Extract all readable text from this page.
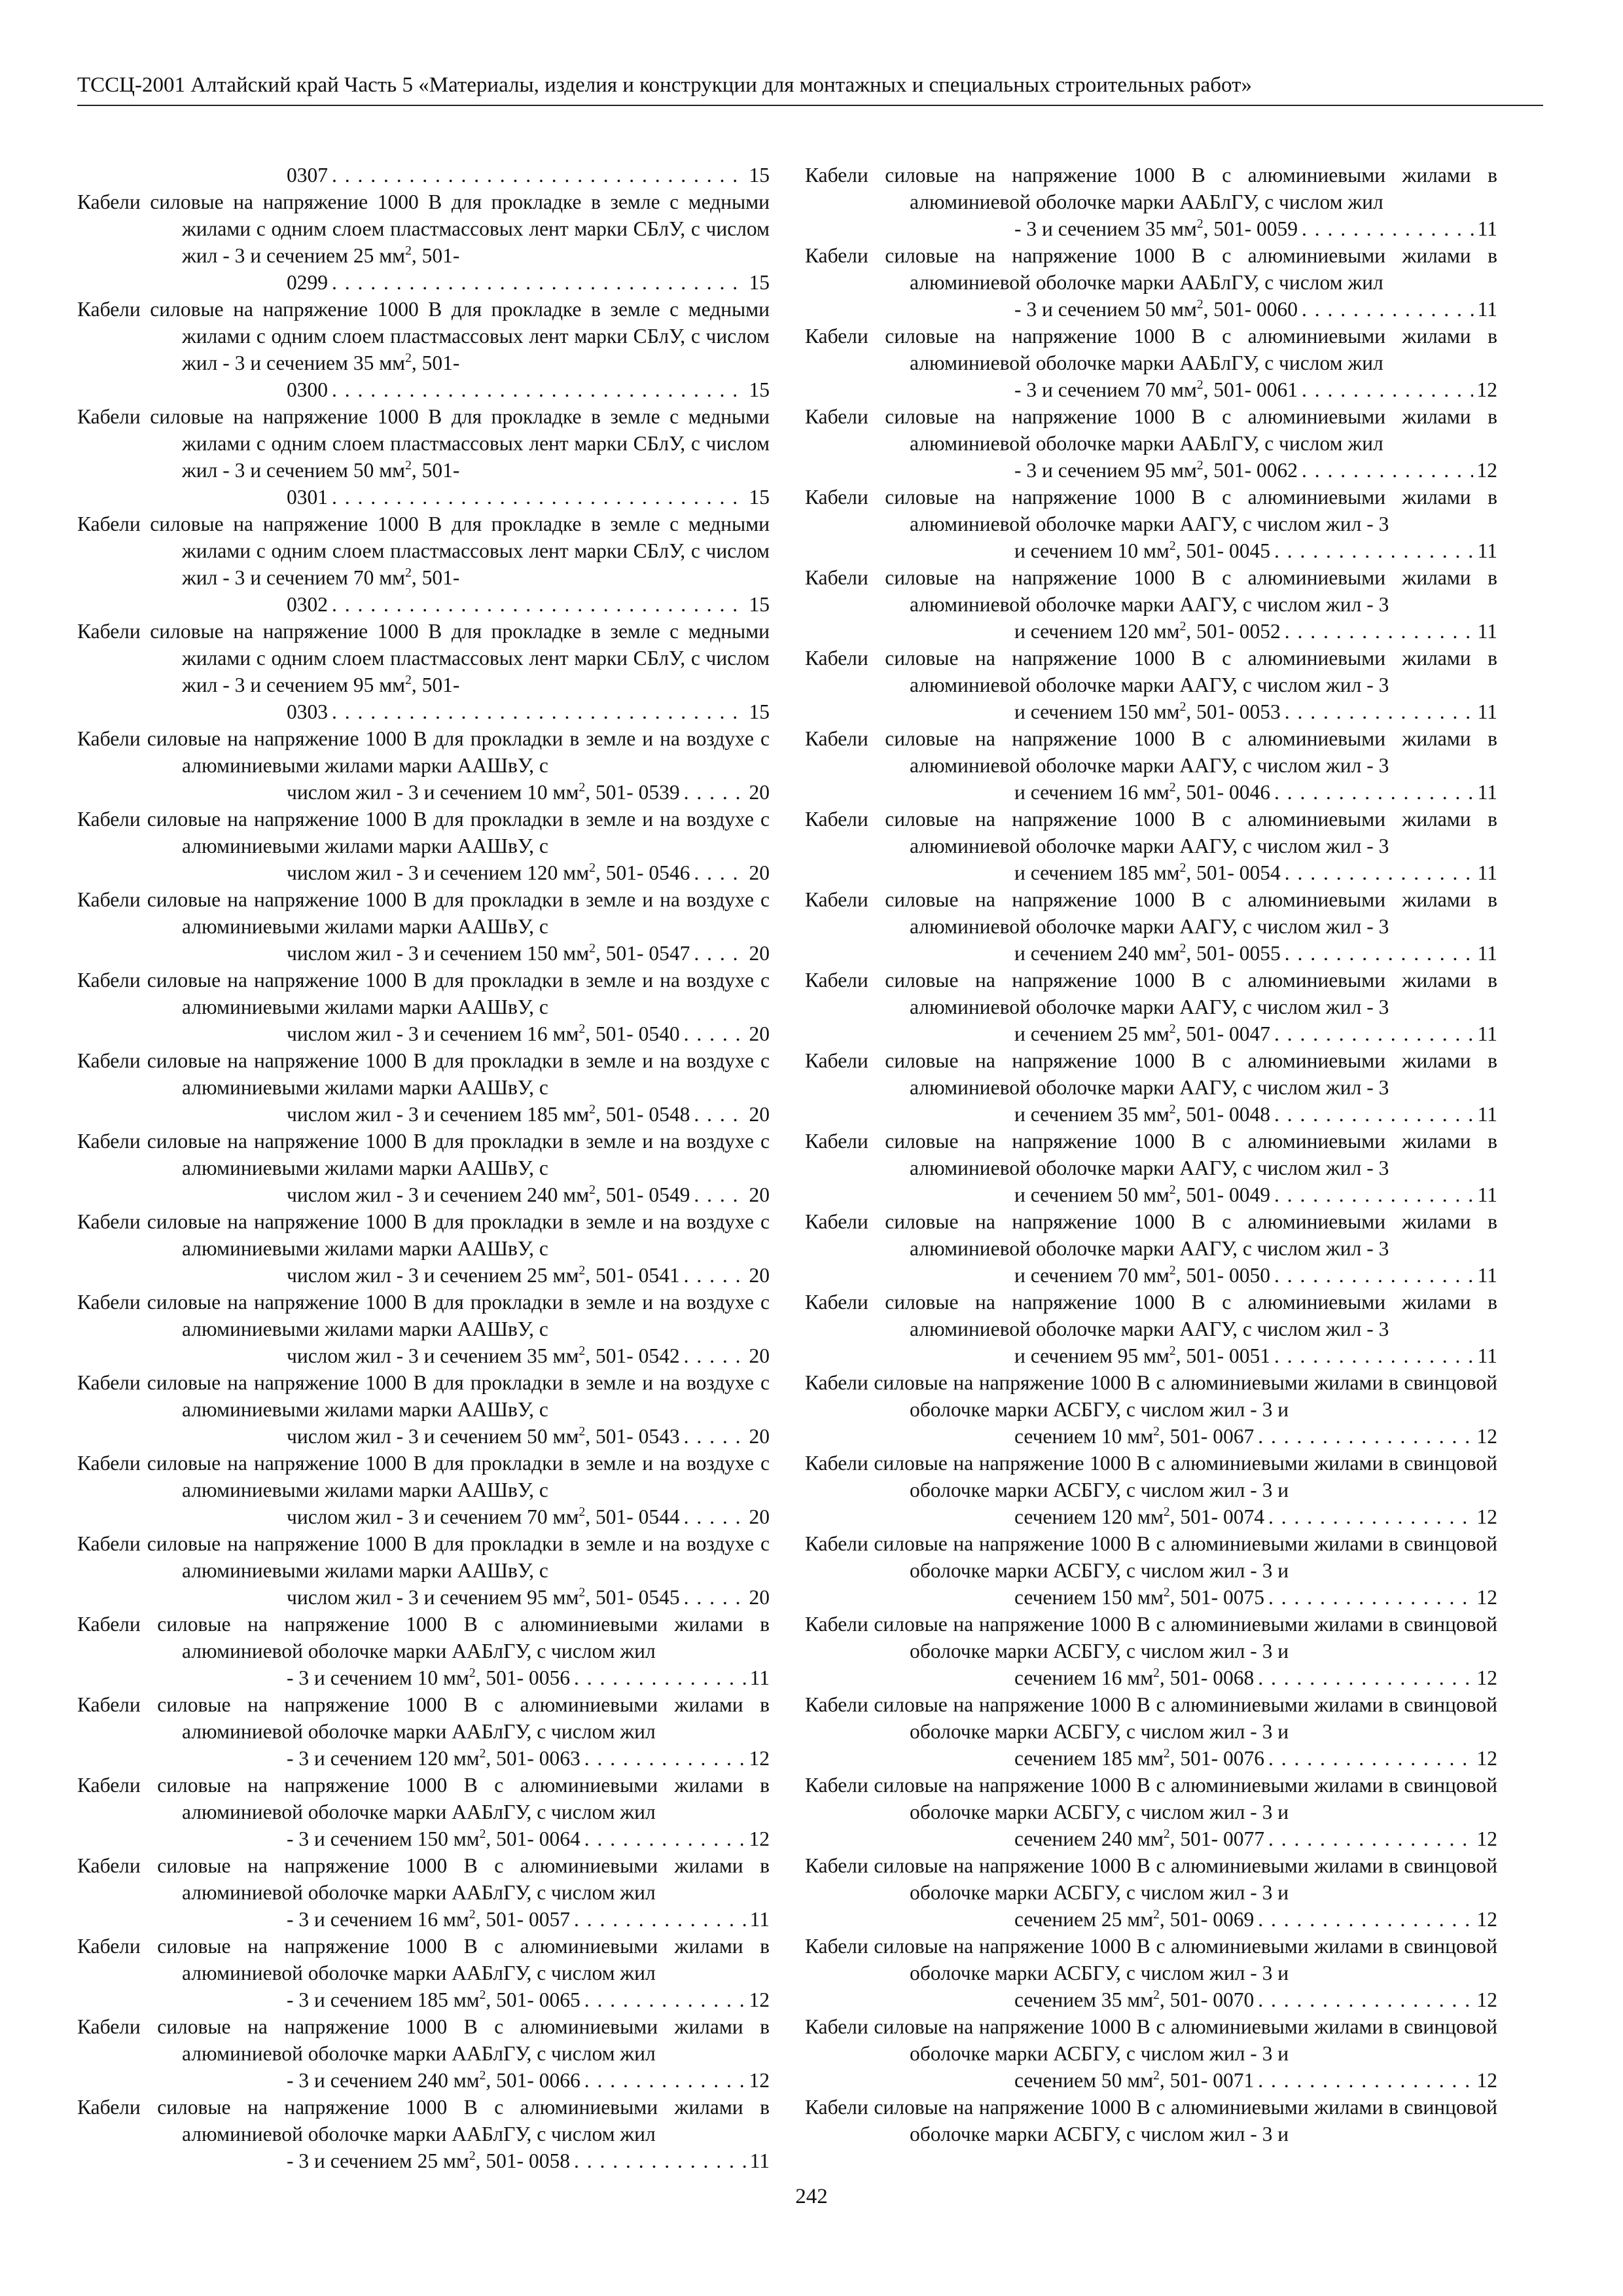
ТССЦ-2001 Алтайский край Часть 5 «Материалы, изделия и конструкции для монтажных и специальных строительных работ»
0307 . . .	15
Кабели силовые на напряжение 1000 В для прокладке в земле с медными жилами с одним слоем пластмассовых лент марки СБлУ, с числом жил - 3 и сечением 25 $мм^2$, 501-
0299 . . .	15
Кабели силовые на напряжение 1000 В для прокладке в земле с медными жилами с одним слоем пластмассовых лент марки СБлУ, с числом жил - 3 и сечением 35 $мм^2$, 501-
0300 . . .	15
Кабели силовые на напряжение 1000 В для прокладке в земле с медными жилами с одним слоем пластмассовых лент марки СБлУ, с числом жил - 3 и сечением 50 $мм^2$, 501-
0301 . . .	15
Кабели силовые на напряжение 1000 В для прокладке в земле с медными жилами с одним слоем пластмассовых лент марки СБлУ, с числом жил - 3 и сечением 70 $мм^2$, 501-
0302 . . .	15
Кабели силовые на напряжение 1000 В для прокладке в земле с медными жилами с одним слоем пластмассовых лент марки СБлУ, с числом жил - 3 и сечением 95 $мм^2$, 501-
0303 . . .	15
Кабели силовые на напряжение 1000 В для прокладки в земле и на воздухе с алюминиевыми жилами марки ААШвУ, с
числом жил - 3 и сечением 10 $мм^2$, 501- 0539 . . .	20
Кабели силовые на напряжение 1000 В для прокладки в земле и на воздухе с алюминиевыми жилами марки ААШвУ, с
числом жил - 3 и сечением 120 $мм^2$, 501- 0546 . . .	20
Кабели силовые на напряжение 1000 В для прокладки в земле и на воздухе с алюминиевыми жилами марки ААШвУ, с
числом жил - 3 и сечением 150 $мм^2$, 501- 0547 . . .	20
Кабели силовые на напряжение 1000 В для прокладки в земле и на воздухе с алюминиевыми жилами марки ААШвУ, с
числом жил - 3 и сечением 16 $мм^2$, 501- 0540 . . .	20
Кабели силовые на напряжение 1000 В для прокладки в земле и на воздухе с алюминиевыми жилами марки ААШвУ, с
числом жил - 3 и сечением 185 $мм^2$, 501- 0548 . . .	20
Кабели силовые на напряжение 1000 В для прокладки в земле и на воздухе с алюминиевыми жилами марки ААШвУ, с
числом жил - 3 и сечением 240 $мм^2$, 501- 0549 . . .	20
Кабели силовые на напряжение 1000 В для прокладки в земле и на воздухе с алюминиевыми жилами марки ААШвУ, с
числом жил - 3 и сечением 25 $мм^2$, 501- 0541 . . .	20
Кабели силовые на напряжение 1000 В для прокладки в земле и на воздухе с алюминиевыми жилами марки ААШвУ, с
числом жил - 3 и сечением 35 $мм^2$, 501- 0542 . . .	20
Кабели силовые на напряжение 1000 В для прокладки в земле и на воздухе с алюминиевыми жилами марки ААШвУ, с
числом жил - 3 и сечением 50 $мм^2$, 501- 0543 . . .	20
Кабели силовые на напряжение 1000 В для прокладки в земле и на воздухе с алюминиевыми жилами марки ААШвУ, с
числом жил - 3 и сечением 70 $мм^2$, 501- 0544 . . .	20
Кабели силовые на напряжение 1000 В для прокладки в земле и на воздухе с алюминиевыми жилами марки ААШвУ, с
числом жил - 3 и сечением 95 $мм^2$, 501- 0545 . . .	20
Кабели силовые на напряжение 1000 В с алюминиевыми жилами в алюминиевой оболочке марки ААБлГУ, с числом жил
- 3 и сечением 10 $мм^2$, 501- 0056 . . .	11
Кабели силовые на напряжение 1000 В с алюминиевыми жилами в алюминиевой оболочке марки ААБлГУ, с числом жил
- 3 и сечением 120 $мм^2$, 501- 0063 . . .	12
Кабели силовые на напряжение 1000 В с алюминиевыми жилами в алюминиевой оболочке марки ААБлГУ, с числом жил
- 3 и сечением 150 $мм^2$, 501- 0064 . . .	12
Кабели силовые на напряжение 1000 В с алюминиевыми жилами в алюминиевой оболочке марки ААБлГУ, с числом жил
- 3 и сечением 16 $мм^2$, 501- 0057 . . .	11
Кабели силовые на напряжение 1000 В с алюминиевыми жилами в алюминиевой оболочке марки ААБлГУ, с числом жил
- 3 и сечением 185 $мм^2$, 501- 0065 . . .	12
Кабели силовые на напряжение 1000 В с алюминиевыми жилами в алюминиевой оболочке марки ААБлГУ, с числом жил
- 3 и сечением 240 $мм^2$, 501- 0066 . . .	12
Кабели силовые на напряжение 1000 В с алюминиевыми жилами в алюминиевой оболочке марки ААБлГУ, с числом жил
- 3 и сечением 25 $мм^2$, 501- 0058 . . .	11
Кабели силовые на напряжение 1000 В с алюминиевыми жилами в алюминиевой оболочке марки ААБлГУ, с числом жил
- 3 и сечением 35 $мм^2$, 501- 0059 . . .	11
Кабели силовые на напряжение 1000 В с алюминиевыми жилами в алюминиевой оболочке марки ААБлГУ, с числом жил
- 3 и сечением 50 $мм^2$, 501- 0060 . . .	11
Кабели силовые на напряжение 1000 В с алюминиевыми жилами в алюминиевой оболочке марки ААБлГУ, с числом жил
- 3 и сечением 70 $мм^2$, 501- 0061 . . .	12
Кабели силовые на напряжение 1000 В с алюминиевыми жилами в алюминиевой оболочке марки ААБлГУ, с числом жил
- 3 и сечением 95 $мм^2$, 501- 0062 . . .	12
Кабели силовые на напряжение 1000 В с алюминиевыми жилами в алюминиевой оболочке марки ААГУ, с числом жил - 3
и сечением 10 $мм^2$, 501- 0045 . . .	11
Кабели силовые на напряжение 1000 В с алюминиевыми жилами в алюминиевой оболочке марки ААГУ, с числом жил - 3
и сечением 120 $мм^2$, 501- 0052 . . .	11
Кабели силовые на напряжение 1000 В с алюминиевыми жилами в алюминиевой оболочке марки ААГУ, с числом жил - 3
и сечением 150 $мм^2$, 501- 0053 . . .	11
Кабели силовые на напряжение 1000 В с алюминиевыми жилами в алюминиевой оболочке марки ААГУ, с числом жил - 3
и сечением 16 $мм^2$, 501- 0046 . . .	11
Кабели силовые на напряжение 1000 В с алюминиевыми жилами в алюминиевой оболочке марки ААГУ, с числом жил - 3
и сечением 185 $мм^2$, 501- 0054 . . .	11
Кабели силовые на напряжение 1000 В с алюминиевыми жилами в алюминиевой оболочке марки ААГУ, с числом жил - 3
и сечением 240 $мм^2$, 501- 0055 . . .	11
Кабели силовые на напряжение 1000 В с алюминиевыми жилами в алюминиевой оболочке марки ААГУ, с числом жил - 3
и сечением 25 $мм^2$, 501- 0047 . . .	11
Кабели силовые на напряжение 1000 В с алюминиевыми жилами в алюминиевой оболочке марки ААГУ, с числом жил - 3
и сечением 35 $мм^2$, 501- 0048 . . .	11
Кабели силовые на напряжение 1000 В с алюминиевыми жилами в алюминиевой оболочке марки ААГУ, с числом жил - 3
и сечением 50 $мм^2$, 501- 0049 . . .	11
Кабели силовые на напряжение 1000 В с алюминиевыми жилами в алюминиевой оболочке марки ААГУ, с числом жил - 3
и сечением 70 $мм^2$, 501- 0050 . . .	11
Кабели силовые на напряжение 1000 В с алюминиевыми жилами в алюминиевой оболочке марки ААГУ, с числом жил - 3
и сечением 95 $мм^2$, 501- 0051 . . .	11
Кабели силовые на напряжение 1000 В с алюминиевыми жилами в свинцовой оболочке марки АСБГУ, с числом жил - 3 и
сечением 10 $мм^2$, 501- 0067 . . .	12
Кабели силовые на напряжение 1000 В с алюминиевыми жилами в свинцовой оболочке марки АСБГУ, с числом жил - 3 и
сечением 120 $мм^2$, 501- 0074 . . .	12
Кабели силовые на напряжение 1000 В с алюминиевыми жилами в свинцовой оболочке марки АСБГУ, с числом жил - 3 и
сечением 150 $мм^2$, 501- 0075 . . .	12
Кабели силовые на напряжение 1000 В с алюминиевыми жилами в свинцовой оболочке марки АСБГУ, с числом жил - 3 и
сечением 16 $мм^2$, 501- 0068 . . .	12
Кабели силовые на напряжение 1000 В с алюминиевыми жилами в свинцовой оболочке марки АСБГУ, с числом жил - 3 и
сечением 185 $мм^2$, 501- 0076 . . .	12
Кабели силовые на напряжение 1000 В с алюминиевыми жилами в свинцовой оболочке марки АСБГУ, с числом жил - 3 и
сечением 240 $мм^2$, 501- 0077 . . .	12
Кабели силовые на напряжение 1000 В с алюминиевыми жилами в свинцовой оболочке марки АСБГУ, с числом жил - 3 и
сечением 25 $мм^2$, 501- 0069 . . .	12
Кабели силовые на напряжение 1000 В с алюминиевыми жилами в свинцовой оболочке марки АСБГУ, с числом жил - 3 и
сечением 35 $мм^2$, 501- 0070 . . .	12
Кабели силовые на напряжение 1000 В с алюминиевыми жилами в свинцовой оболочке марки АСБГУ, с числом жил - 3 и
сечением 50 $мм^2$, 501- 0071 . . .	12
Кабели силовые на напряжение 1000 В с алюминиевыми жилами в свинцовой оболочке марки АСБГУ, с числом жил - 3 и
242
